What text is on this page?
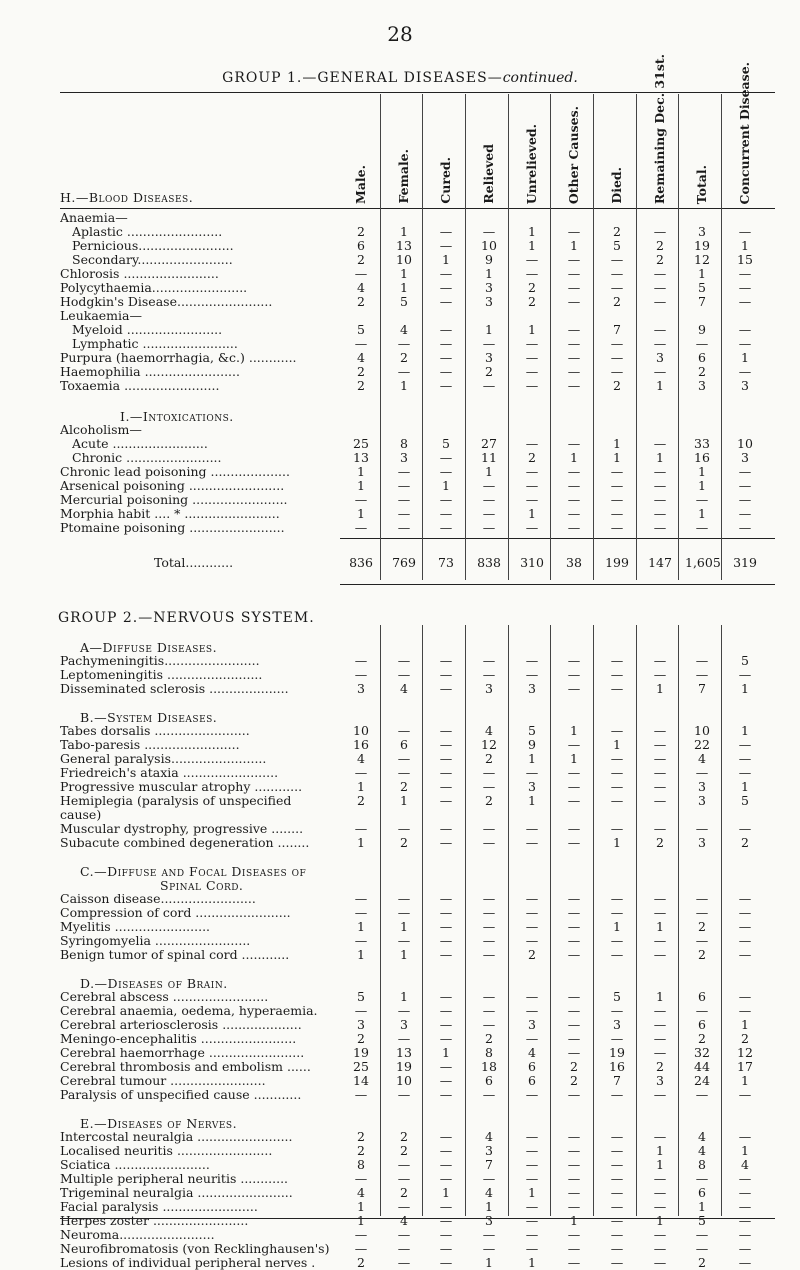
28
GROUP 1.—GENERAL DISEASES—continued.
H.—Blood Diseases.
I.—Intoxications.
Male. Female. Cured. Relieved Unrelieved. Other Causes. Died. Remaining Dec. 31st. Total. Concurrent Disease.
Anaemia—
Aplastic ........................	2	1	—	—	1	—	2	—	3	—
Pernicious........................	6	13	—	10	1	1	5	2	19	1
Secondary........................	2	10	1	9	—	—	—	2	12	15
Chlorosis ........................	—	1	—	1	—	—	—	—	1	—
Polycythaemia........................	4	1	—	3	2	—	—	—	5	—
Hodgkin's Disease........................	2	5	—	3	2	—	2	—	7	—
Leukaemia—
Myeloid ........................	5	4	—	1	1	—	7	—	9	—
Lymphatic ........................	—	—	—	—	—	—	—	—	—	—
Purpura (haemorrhagia, &c.) ............	4	2	—	3	—	—	—	3	6	1
Haemophilia ........................	2	—	—	2	—	—	—	—	2	—
Toxaemia ........................	2	1	—	—	—	—	2	1	3	3
Alcoholism—
Acute ........................	25	8	5	27	—	—	1	—	33	10
Chronic ........................	13	3	—	11	2	1	1	1	16	3
Chronic lead poisoning ....................	1	—	—	1	—	—	—	—	1	—
Arsenical poisoning ........................	1	—	1	—	—	—	—	—	1	—
Mercurial poisoning ........................	—	—	—	—	—	—	—	—	—	—
Morphia habit .... * ........................	1	—	—	—	1	—	—	—	1	—
Ptomaine poisoning ........................	—	—	—	—	—	—	—	—	—	—
Total............	836	769	73	838	310	38	199	147	1,605 319
GROUP 2.—NERVOUS SYSTEM.
A—Diffuse Diseases.
Pachymeningitis........................	—	—	—	—	—	—	—	—	—	5
Leptomeningitis ........................	—	—	—	—	—	—	—	—	—	—
Disseminated sclerosis ....................	3	4	—	3	3	—	—	1	7	1
B.—System Diseases.
Tabes dorsalis ........................	10	—	—	4	5	1	—	—	10	1
Tabo-paresis ........................	16	6	—	12	9	—	1	—	22	—
General paralysis........................	4	—	—	2	1	1	—	—	4	—
Friedreich's ataxia ........................	—	—	—	—	—	—	—	—	—	—
Progressive muscular atrophy ............	1	2	—	—	3	—	—	—	3	1
Hemiplegia (paralysis of unspecified	2	1	—	2	1	—	—	—	3	5
cause)
Muscular dystrophy, progressive ........	—	—	—	—	—	—	—	—	—	—
Subacute combined degeneration ........	1	2	—	—	—	—	1	2	3	2
C.—Diffuse and Focal Diseases of
Spinal Cord.
Caisson disease........................	—	—	—	—	—	—	—	—	—	—
Compression of cord ........................	—	—	—	—	—	—	—	—	—	—
Myelitis ........................	1	1	—	—	—	—	1	1	2	—
Syringomyelia ........................	—	—	—	—	—	—	—	—	—	—
Benign tumor of spinal cord ............	1	1	—	—	2	—	—	—	2	—
D.—Diseases of Brain.
Cerebral abscess ........................	5	1	—	—	—	—	5	1	6	—
Cerebral anaemia, oedema, hyperaemia.	—	—	—	—	—	—	—	—	—	—
Cerebral arteriosclerosis ....................	3	3	—	—	3	—	3	—	6	1
Meningo-encephalitis ........................	2	—	—	2	—	—	—	—	2	2
Cerebral haemorrhage ........................	19	13	1	8	4	—	19	—	32	12
Cerebral thrombosis and embolism ......	25	19	—	18	6	2	16	2	44	17
Cerebral tumour ........................	14	10	—	6	6	2	7	3	24	1
Paralysis of unspecified cause ............	—	—	—	—	—	—	—	—	—	—
E.—Diseases of Nerves.
Intercostal neuralgia ........................	2	2	—	4	—	—	—	—	4	—
Localised neuritis ........................	2	2	—	3	—	—	—	1	4	1
Sciatica ........................	8	—	—	7	—	—	—	1	8	4
Multiple peripheral neuritis ............	—	—	—	—	—	—	—	—	—	—
Trigeminal neuralgia ........................	4	2	1	4	1	—	—	—	6	—
Facial paralysis ........................	1	—	—	1	—	—	—	—	1	—
Herpes zoster ........................	1	4	—	3	—	1	—	1	5	—
Neuroma........................	—	—	—	—	—	—	—	—	—	—
Neurofibromatosis (von Recklinghausen's)	—	—	—	—	—	—	—	—	—	—
Lesions of individual peripheral nerves .	2	—	—	1	1	—	—	—	2	—
